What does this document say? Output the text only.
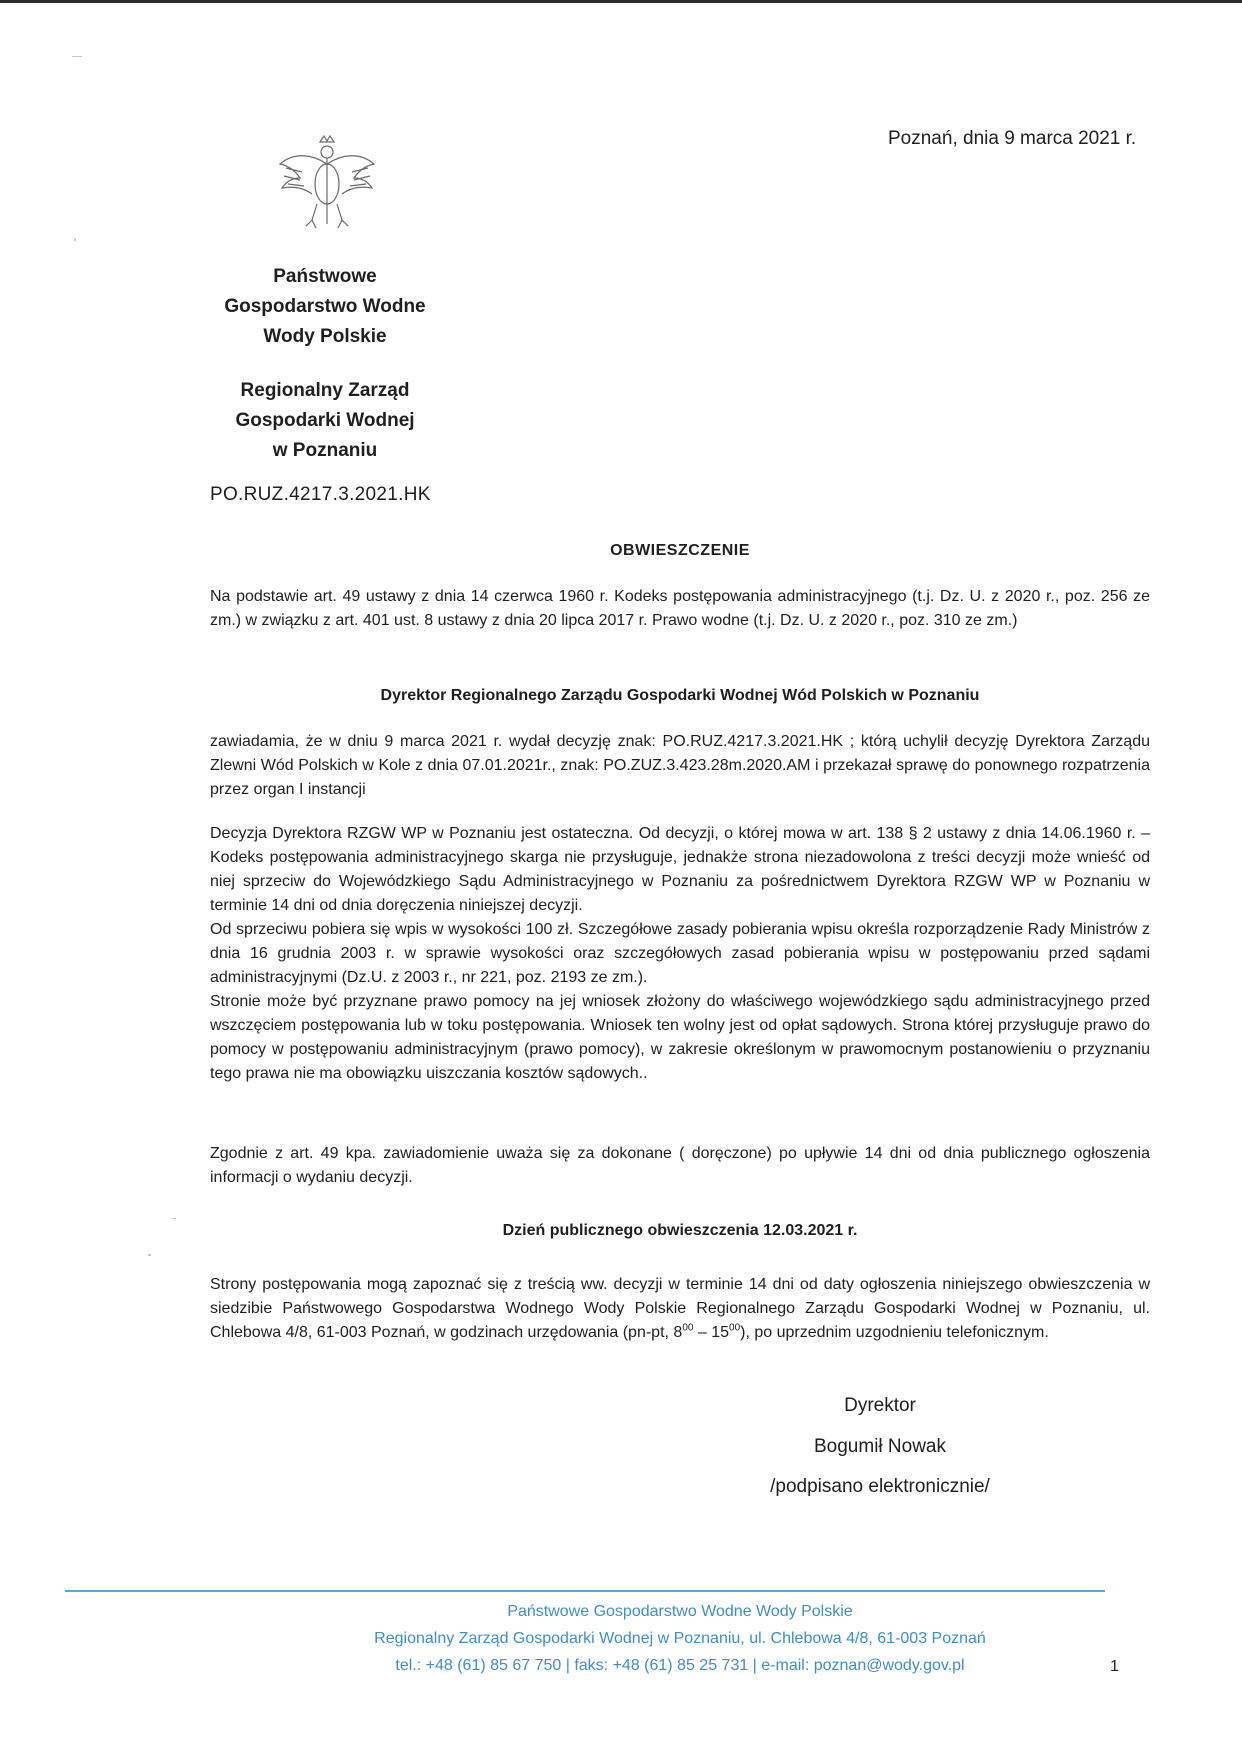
Poznań, dnia 9 marca 2021 r.
Państwowe
Gospodarstwo Wodne
Wody Polskie
Regionalny Zarząd
Gospodarki Wodnej
w Poznaniu
PO.RUZ.4217.3.2021.HK
OBWIESZCZENIE
Na podstawie art. 49 ustawy z dnia 14 czerwca 1960 r. Kodeks postępowania administracyjnego (t.j. Dz. U. z 2020 r., poz. 256 ze zm.) w związku z art. 401 ust. 8 ustawy z dnia 20 lipca 2017 r. Prawo wodne (t.j. Dz. U. z 2020 r., poz. 310 ze zm.)
Dyrektor Regionalnego Zarządu Gospodarki Wodnej Wód Polskich w Poznaniu
zawiadamia, że w dniu 9 marca 2021 r. wydał decyzję znak: PO.RUZ.4217.3.2021.HK ; którą uchylił decyzję Dyrektora Zarządu Zlewni Wód Polskich w Kole z dnia 07.01.2021r., znak: PO.ZUZ.3.423.28m.2020.AM i przekazał sprawę do ponownego rozpatrzenia przez organ I instancji
Decyzja Dyrektora RZGW WP w Poznaniu jest ostateczna. Od decyzji, o której mowa w art. 138 § 2 ustawy z dnia 14.06.1960 r. – Kodeks postępowania administracyjnego skarga nie przysługuje, jednakże strona niezadowolona z treści decyzji może wnieść od niej sprzeciw do Wojewódzkiego Sądu Administracyjnego w Poznaniu za pośrednictwem Dyrektora RZGW WP w Poznaniu w terminie 14 dni od dnia doręczenia niniejszej decyzji.
Od sprzeciwu pobiera się wpis w wysokości 100 zł. Szczegółowe zasady pobierania wpisu określa rozporządzenie Rady Ministrów z dnia 16 grudnia 2003 r. w sprawie wysokości oraz szczegółowych zasad pobierania wpisu w postępowaniu przed sądami administracyjnymi (Dz.U. z 2003 r., nr 221, poz. 2193 ze zm.).
Stronie może być przyznane prawo pomocy na jej wniosek złożony do właściwego wojewódzkiego sądu administracyjnego przed wszczęciem postępowania lub w toku postępowania. Wniosek ten wolny jest od opłat sądowych. Strona której przysługuje prawo do pomocy w postępowaniu administracyjnym (prawo pomocy), w zakresie określonym w prawomocnym postanowieniu o przyznaniu tego prawa nie ma obowiązku uiszczania kosztów sądowych..
Zgodnie z art. 49 kpa. zawiadomienie uważa się za dokonane ( doręczone) po upływie 14 dni od dnia publicznego ogłoszenia informacji o wydaniu decyzji.
Dzień publicznego obwieszczenia 12.03.2021 r.
Strony postępowania mogą zapoznać się z treścią ww. decyzji w terminie 14 dni od daty ogłoszenia niniejszego obwieszczenia w siedzibie Państwowego Gospodarstwa Wodnego Wody Polskie Regionalnego Zarządu Gospodarki Wodnej w Poznaniu, ul. Chlebowa 4/8, 61-003 Poznań, w godzinach urzędowania (pn-pt, $8^{00} - 15^{00}$), po uprzednim uzgodnieniu telefonicznym.
Dyrektor
Bogumił Nowak
/podpisano elektronicznie/
Państwowe Gospodarstwo Wodne Wody Polskie
Regionalny Zarząd Gospodarki Wodnej w Poznaniu, ul. Chlebowa 4/8, 61-003 Poznań
tel.: +48 (61) 85 67 750 | faks: +48 (61) 85 25 731 | e-mail: poznan@wody.gov.pl	1
